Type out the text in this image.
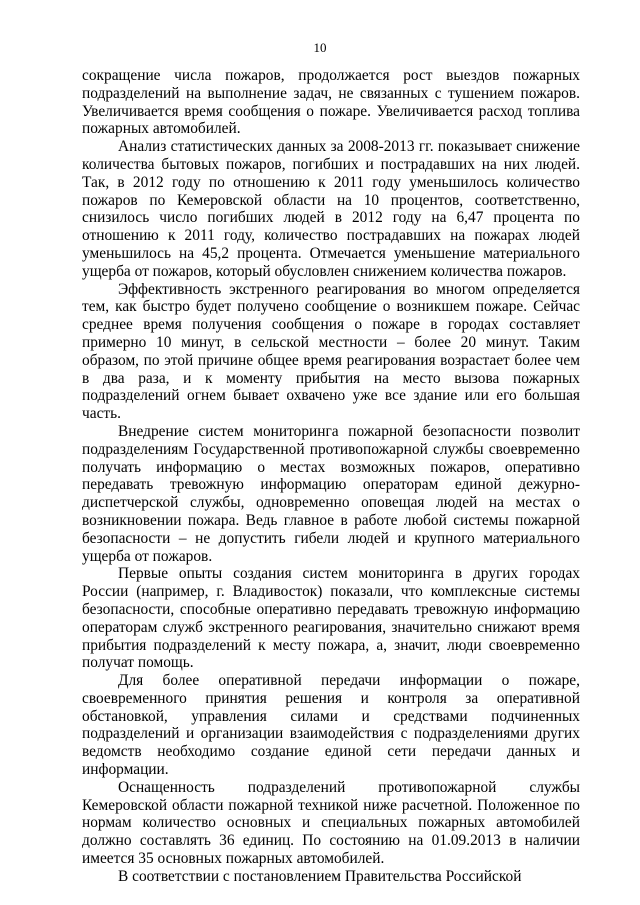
10

сокращение числа пожаров, продолжается рост выездов пожарных подразделений на выполнение задач, не связанных с тушением пожаров. Увеличивается время сообщения о пожаре. Увеличивается расход топлива пожарных автомобилей.

Анализ статистических данных за 2008-2013 гг. показывает снижение количества бытовых пожаров, погибших и пострадавших на них людей. Так, в 2012 году по отношению к 2011 году уменьшилось количество пожаров по Кемеровской области на 10 процентов, соответственно, снизилось число погибших людей в 2012 году на 6,47 процента по отношению к 2011 году, количество пострадавших на пожарах людей уменьшилось на 45,2 процента. Отмечается уменьшение материального ущерба от пожаров, который обусловлен снижением количества пожаров.

Эффективность экстренного реагирования во многом определяется тем, как быстро будет получено сообщение о возникшем пожаре. Сейчас среднее время получения сообщения о пожаре в городах составляет примерно 10 минут, в сельской местности – более 20 минут. Таким образом, по этой причине общее время реагирования возрастает более чем в два раза, и к моменту прибытия на место вызова пожарных подразделений огнем бывает охвачено уже все здание или его большая часть.

Внедрение систем мониторинга пожарной безопасности позволит подразделениям Государственной противопожарной службы своевременно получать информацию о местах возможных пожаров, оперативно передавать тревожную информацию операторам единой дежурно-диспетчерской службы, одновременно оповещая людей на местах о возникновении пожара. Ведь главное в работе любой системы пожарной безопасности – не допустить гибели людей и крупного материального ущерба от пожаров.

Первые опыты создания систем мониторинга в других городах России (например, г. Владивосток) показали, что комплексные системы безопасности, способные оперативно передавать тревожную информацию операторам служб экстренного реагирования, значительно снижают время прибытия подразделений к месту пожара, а, значит, люди своевременно получат помощь.

Для более оперативной передачи информации о пожаре, своевременного принятия решения и контроля за оперативной обстановкой, управления силами и средствами подчиненных подразделений и организации взаимодействия с подразделениями других ведомств необходимо создание единой сети передачи данных и информации.

Оснащенность подразделений противопожарной службы Кемеровской области пожарной техникой ниже расчетной. Положенное по нормам количество основных и специальных пожарных автомобилей должно составлять 36 единиц. По состоянию на 01.09.2013 в наличии имеется 35 основных пожарных автомобилей.

В соответствии с постановлением Правительства Российской
